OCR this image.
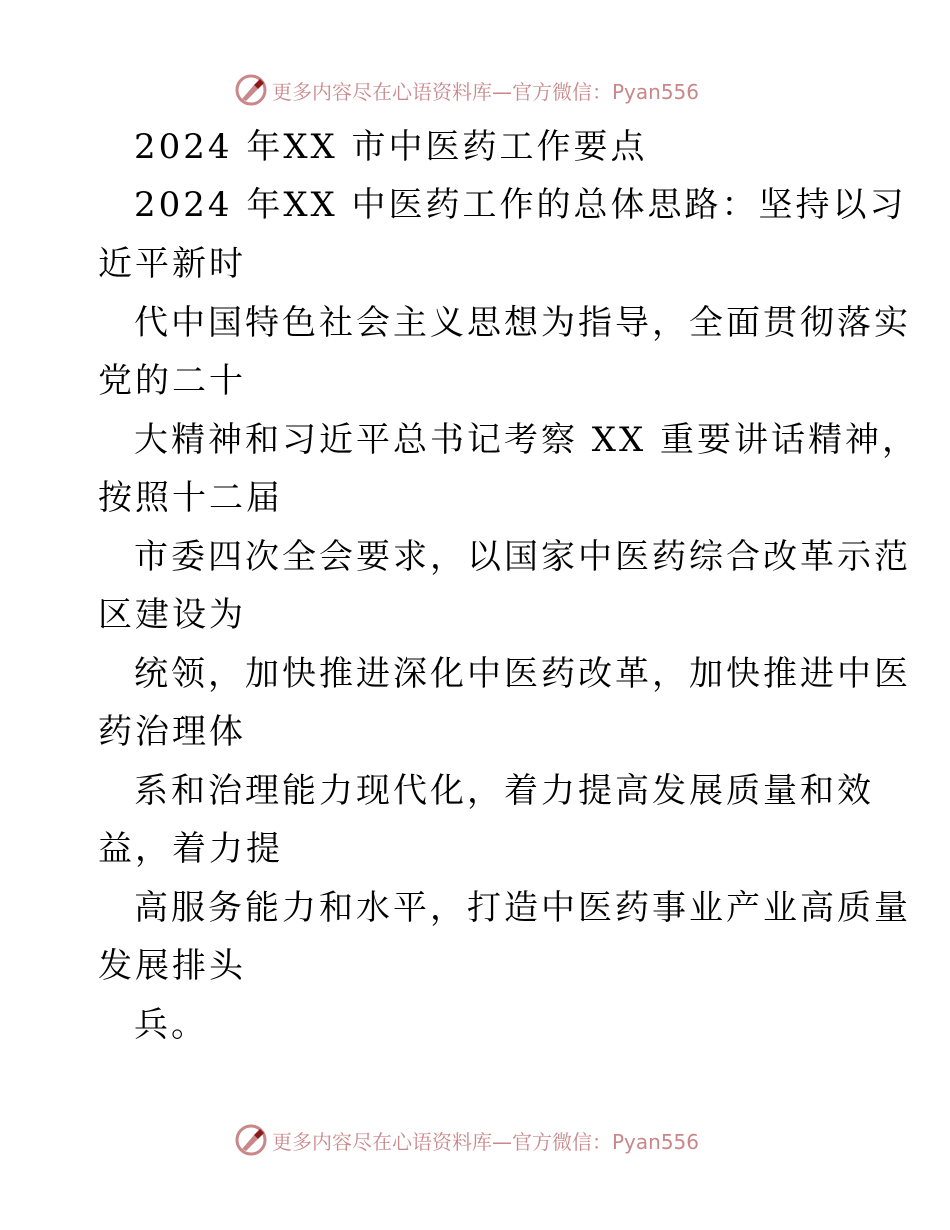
更多内容尽在心语资料库—官方微信：Pyan556
2024 年XX 市中医药工作要点
2024 年XX 中医药工作的总体思路：坚持以习
近平新时
代中国特色社会主义思想为指导，全面贯彻落实
党的二十
大精神和习近平总书记考察 XX 重要讲话精神，
按照十二届
市委四次全会要求，以国家中医药综合改革示范
区建设为
统领，加快推进深化中医药改革，加快推进中医
药治理体
系和治理能力现代化，着力提高发展质量和效
益，着力提
高服务能力和水平，打造中医药事业产业高质量
发展排头
兵。
更多内容尽在心语资料库—官方微信：Pyan556
